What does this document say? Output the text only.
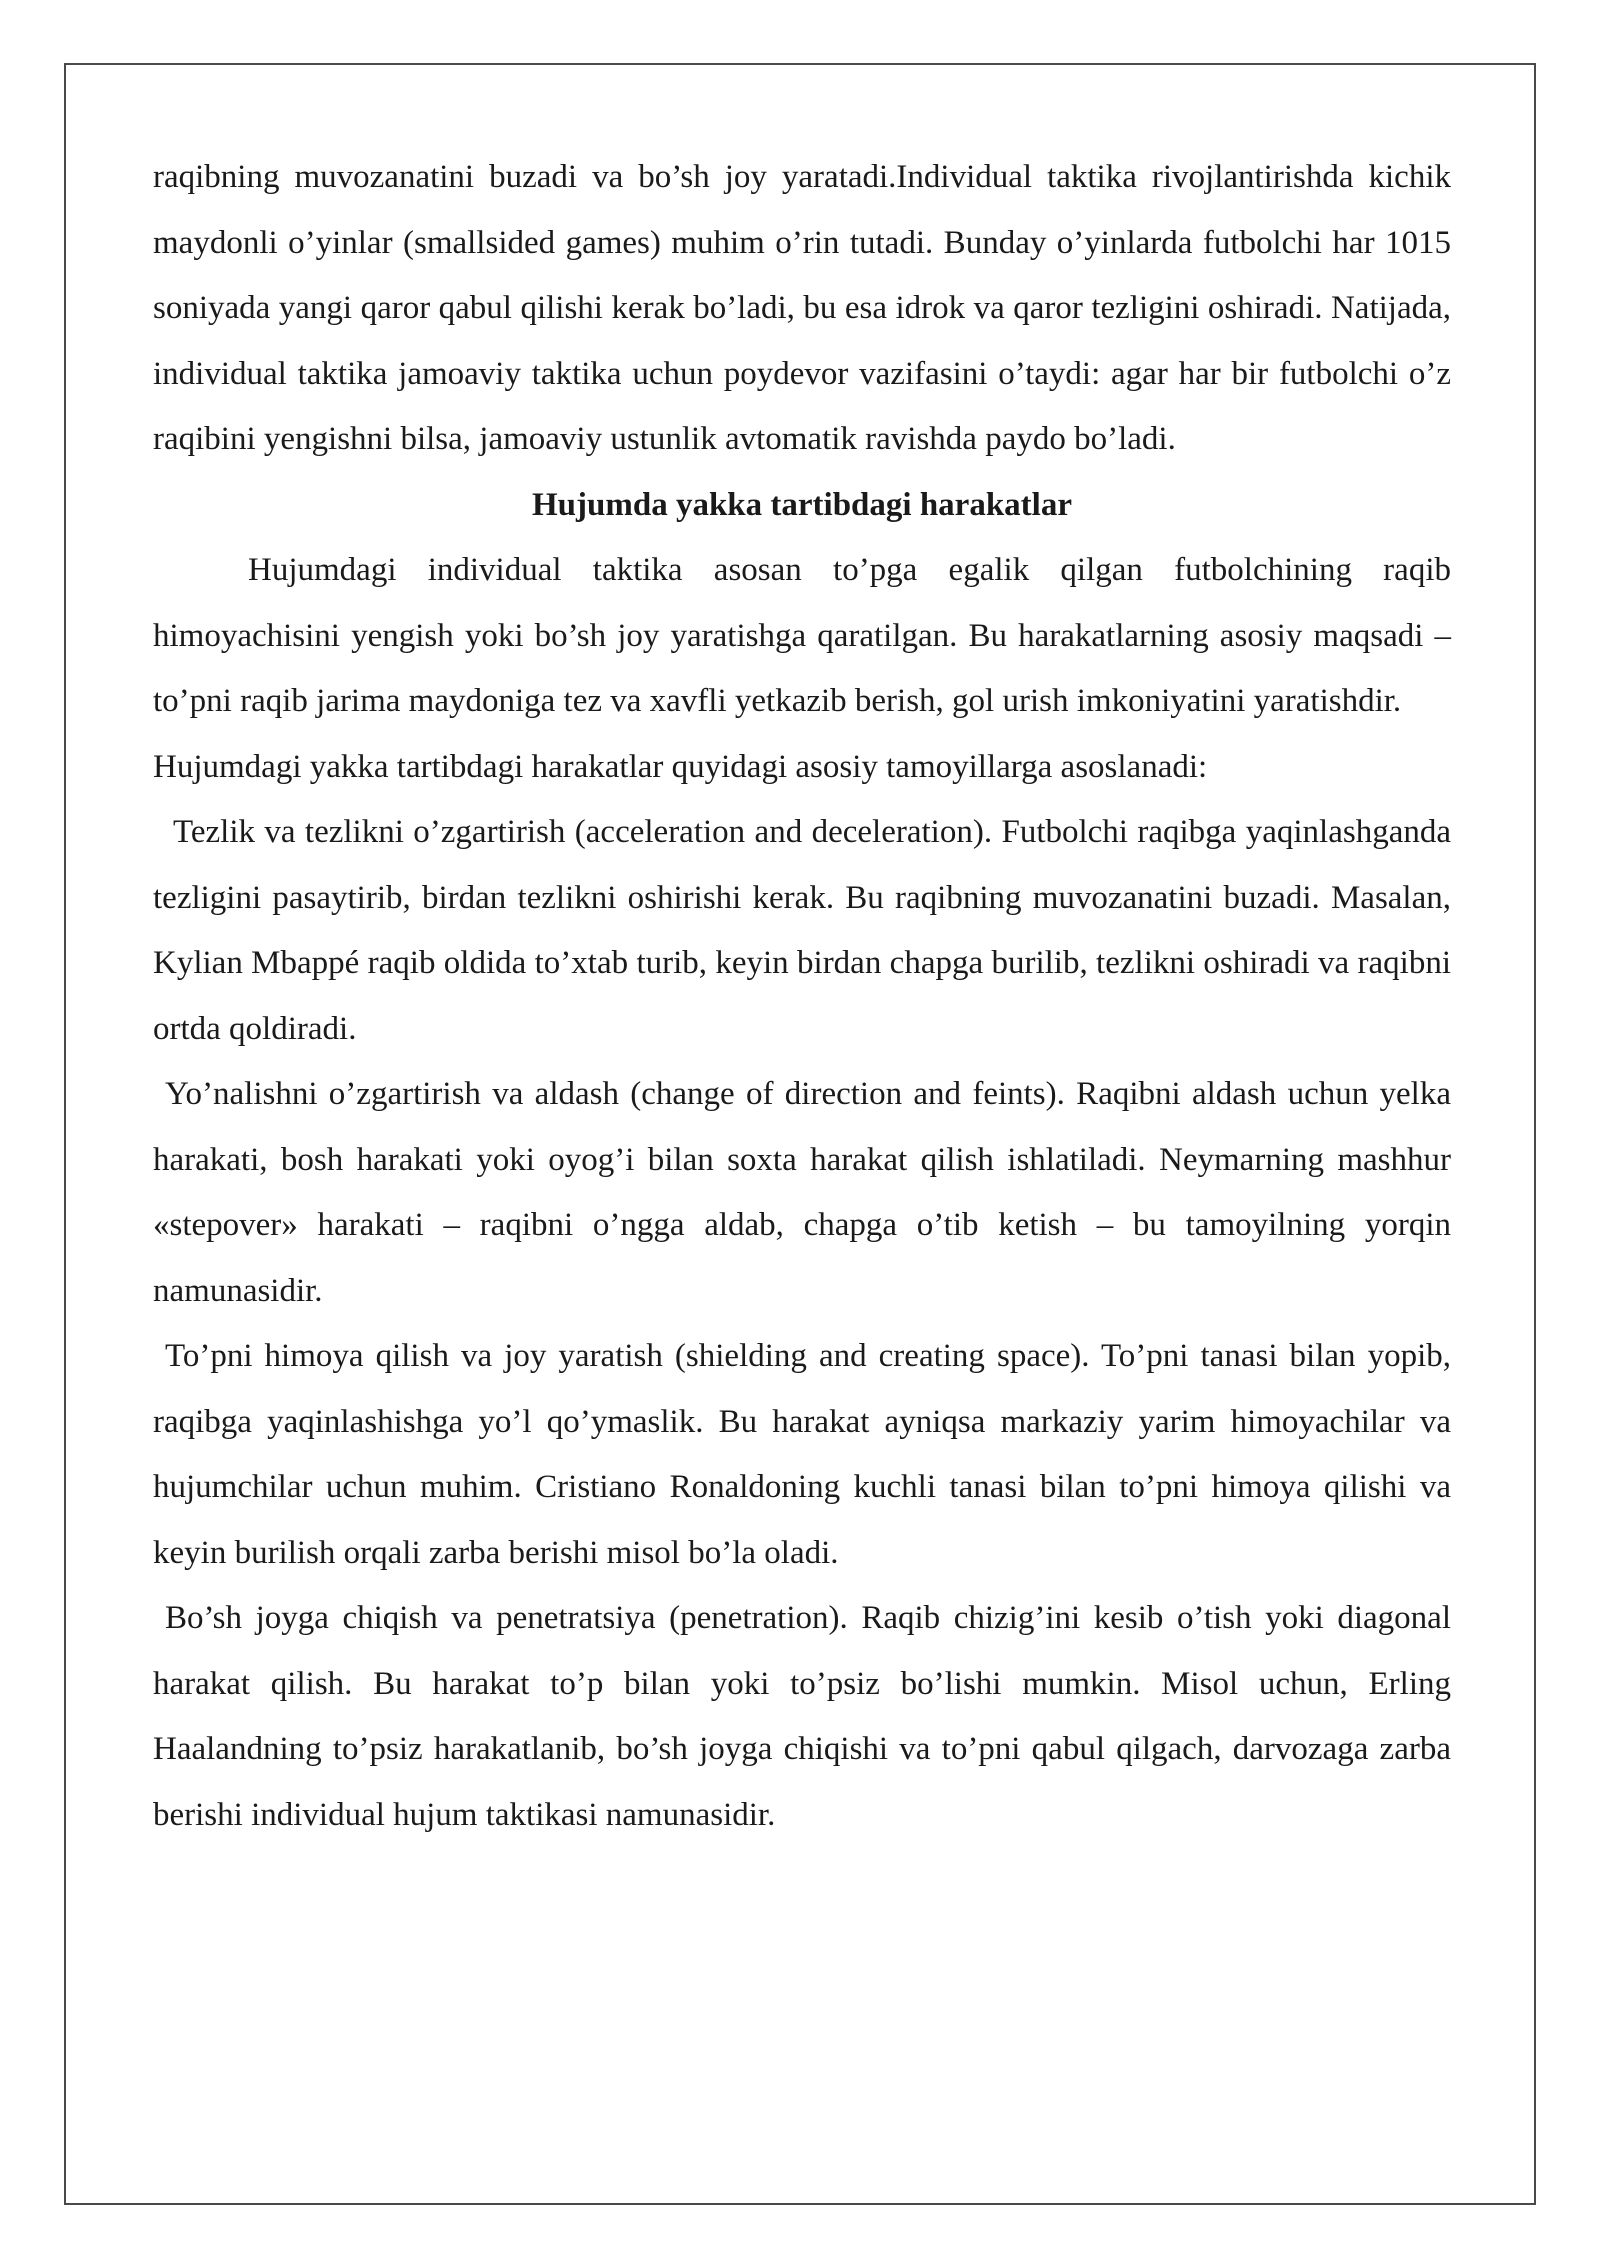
raqibning muvozanatini buzadi va bo’sh joy yaratadi.Individual taktika rivojlantirishda kichik maydonli o’yinlar (smallsided games) muhim o’rin tutadi. Bunday o’yinlarda futbolchi har 1015 soniyada yangi qaror qabul qilishi kerak bo’ladi, bu esa idrok va qaror tezligini oshiradi. Natijada, individual taktika jamoaviy taktika uchun poydevor vazifasini o’taydi: agar har bir futbolchi o’z raqibini yengishni bilsa, jamoaviy ustunlik avtomatik ravishda paydo bo’ladi.

Hujumda yakka tartibdagi harakatlar

Hujumdagi individual taktika asosan to’pga egalik qilgan futbolchining raqib himoyachisini yengish yoki bo’sh joy yaratishga qaratilgan. Bu harakatlarning asosiy maqsadi – to’pni raqib jarima maydoniga tez va xavfli yetkazib berish, gol urish imkoniyatini yaratishdir.

Hujumdagi yakka tartibdagi harakatlar quyidagi asosiy tamoyillarga asoslanadi:

Tezlik va tezlikni o’zgartirish (acceleration and deceleration). Futbolchi raqibga yaqinlashganda tezligini pasaytirib, birdan tezlikni oshirishi kerak. Bu raqibning muvozanatini buzadi. Masalan, Kylian Mbappé raqib oldida to’xtab turib, keyin birdan chapga burilib, tezlikni oshiradi va raqibni ortda qoldiradi.

Yo’nalishni o’zgartirish va aldash (change of direction and feints). Raqibni aldash uchun yelka harakati, bosh harakati yoki oyog’i bilan soxta harakat qilish ishlatiladi. Neymarning mashhur «stepover» harakati – raqibni o’ngga aldab, chapga o’tib ketish – bu tamoyilning yorqin namunasidir.

To’pni himoya qilish va joy yaratish (shielding and creating space). To’pni tanasi bilan yopib, raqibga yaqinlashishga yo’l qo’ymaslik. Bu harakat ayniqsa markaziy yarim himoyachilar va hujumchilar uchun muhim. Cristiano Ronaldoning kuchli tanasi bilan to’pni himoya qilishi va keyin burilish orqali zarba berishi misol bo’la oladi.

Bo’sh joyga chiqish va penetratsiya (penetration). Raqib chizig’ini kesib o’tish yoki diagonal harakat qilish. Bu harakat to’p bilan yoki to’psiz bo’lishi mumkin. Misol uchun, Erling Haalandning to’psiz harakatlanib, bo’sh joyga chiqishi va to’pni qabul qilgach, darvozaga zarba berishi individual hujum taktikasi namunasidir.
